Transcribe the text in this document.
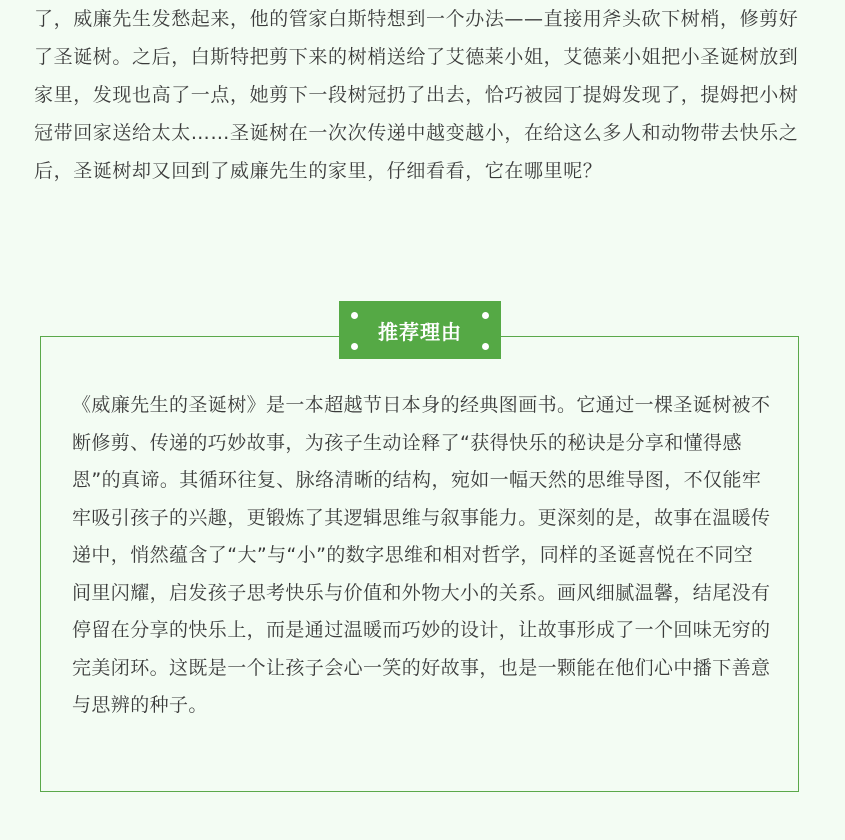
了，威廉先生发愁起来，他的管家白斯特想到一个办法——直接用斧头砍下树梢，修剪好了圣诞树。之后，白斯特把剪下来的树梢送给了艾德莱小姐，艾德莱小姐把小圣诞树放到家里，发现也高了一点，她剪下一段树冠扔了出去，恰巧被园丁提姆发现了，提姆把小树冠带回家送给太太……圣诞树在一次次传递中越变越小，在给这么多人和动物带去快乐之后，圣诞树却又回到了威廉先生的家里，仔细看看，它在哪里呢？

推荐理由

《威廉先生的圣诞树》是一本超越节日本身的经典图画书。它通过一棵圣诞树被不断修剪、传递的巧妙故事，为孩子生动诠释了“获得快乐的秘诀是分享和懂得感恩”的真谛。其循环往复、脉络清晰的结构，宛如一幅天然的思维导图，不仅能牢牢吸引孩子的兴趣，更锻炼了其逻辑思维与叙事能力。更深刻的是，故事在温暖传递中，悄然蕴含了“大”与“小”的数字思维和相对哲学，同样的圣诞喜悦在不同空间里闪耀，启发孩子思考快乐与价值和外物大小的关系。画风细腻温馨，结尾没有停留在分享的快乐上，而是通过温暖而巧妙的设计，让故事形成了一个回味无穷的完美闭环。这既是一个让孩子会心一笑的好故事，也是一颗能在他们心中播下善意与思辨的种子。
